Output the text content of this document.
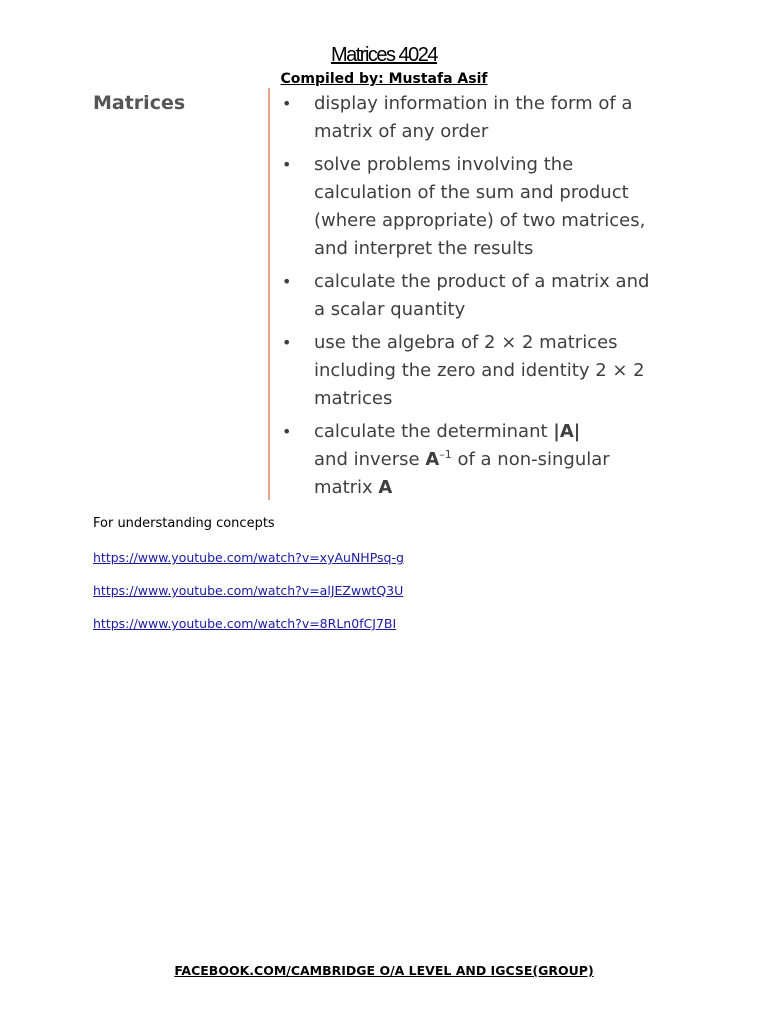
Matrices 4024
Compiled by: Mustafa Asif
Matrices	• display information in the form of a matrix of any order
• solve problems involving the calculation of the sum and product (where appropriate) of two matrices, and interpret the results
• calculate the product of a matrix and a scalar quantity
• use the algebra of 2 × 2 matrices including the zero and identity 2 × 2 matrices
• calculate the determinant |A|
and inverse $A^{-1}$ of a non-singular matrix A
For understanding concepts
https://www.youtube.com/watch?v=xyAuNHPsq-g
https://www.youtube.com/watch?v=alJEZwwtQ3U
https://www.youtube.com/watch?v=8RLn0fCJ7BI
FACEBOOK.COM/CAMBRIDGE O/A LEVEL AND IGCSE(GROUP)
